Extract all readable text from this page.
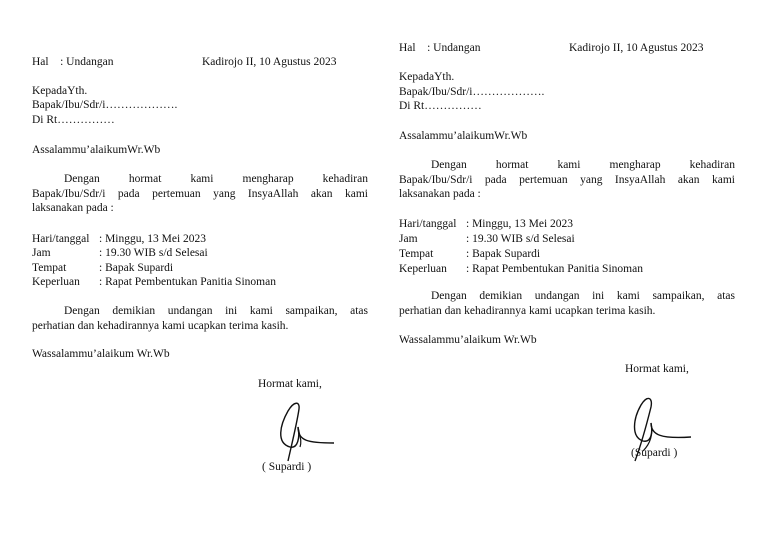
Hal    : Undangan	Kadirojo II, 10 Agustus 2023
KepadaYth.
Bapak/Ibu/Sdr/i……………….
Di Rt……………
Assalammu’alaikumWr.Wb
Dengan hormat kami mengharap kehadiran
Bapak/Ibu/Sdr/i pada pertemuan yang InsyaAllah akan kami
laksanakan pada :
Hari/tanggal : Minggu, 13 Mei 2023
Jam	: 19.30 WIB s/d Selesai
Tempat	: Bapak Supardi
Keperluan : Rapat Pembentukan Panitia Sinoman
Dengan demikian undangan ini kami sampaikan, atas
perhatian dan kehadirannya kami ucapkan terima kasih.
Wassalammu’alaikum Wr.Wb
Hormat kami,
( Supardi )
Hal    : Undangan	Kadirojo II, 10 Agustus 2023
KepadaYth.
Bapak/Ibu/Sdr/i……………….
Di Rt……………
Assalammu’alaikumWr.Wb
Dengan hormat kami mengharap kehadiran
Bapak/Ibu/Sdr/i pada pertemuan yang InsyaAllah akan kami
laksanakan pada :
Hari/tanggal : Minggu, 13 Mei 2023
Jam	: 19.30 WIB s/d Selesai
Tempat	: Bapak Supardi
Keperluan : Rapat Pembentukan Panitia Sinoman
Dengan demikian undangan ini kami sampaikan, atas
perhatian dan kehadirannya kami ucapkan terima kasih.
Wassalammu’alaikum Wr.Wb
Hormat kami,
(Supardi )
